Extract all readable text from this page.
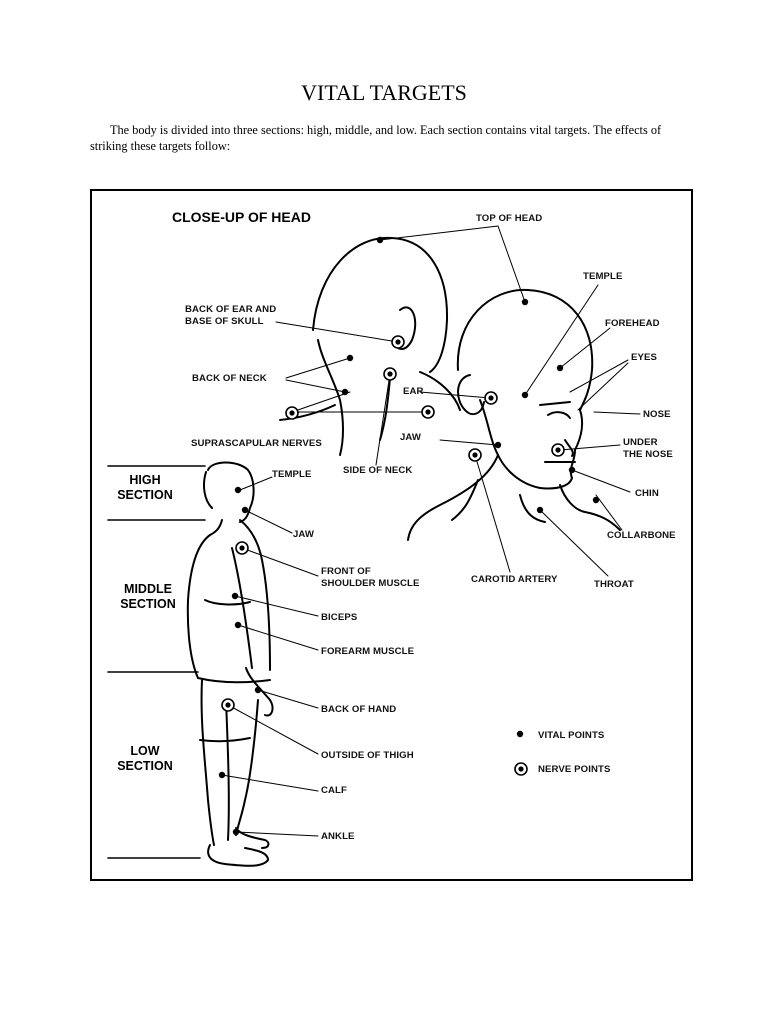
VITAL TARGETS
The body is divided into three sections: high, middle, and low. Each section contains vital targets. The effects of striking these targets follow:
CLOSE-UP OF HEAD
HIGH
SECTION
MIDDLE
SECTION
LOW
SECTION
TOP OF HEAD
TEMPLE
FOREHEAD
EYES
BACK OF EAR AND
BASE OF SKULL
BACK OF NECK
EAR
NOSE
JAW	UNDER
THE NOSE
SUPRASCAPULAR NERVES
SIDE OF NECK
CHIN
COLLARBONE
CAROTID ARTERY	THROAT
TEMPLE
JAW
FRONT OF
SHOULDER MUSCLE
BICEPS
FOREARM MUSCLE
BACK OF HAND
OUTSIDE OF THIGH
CALF
ANKLE
VITAL POINTS
NERVE POINTS
